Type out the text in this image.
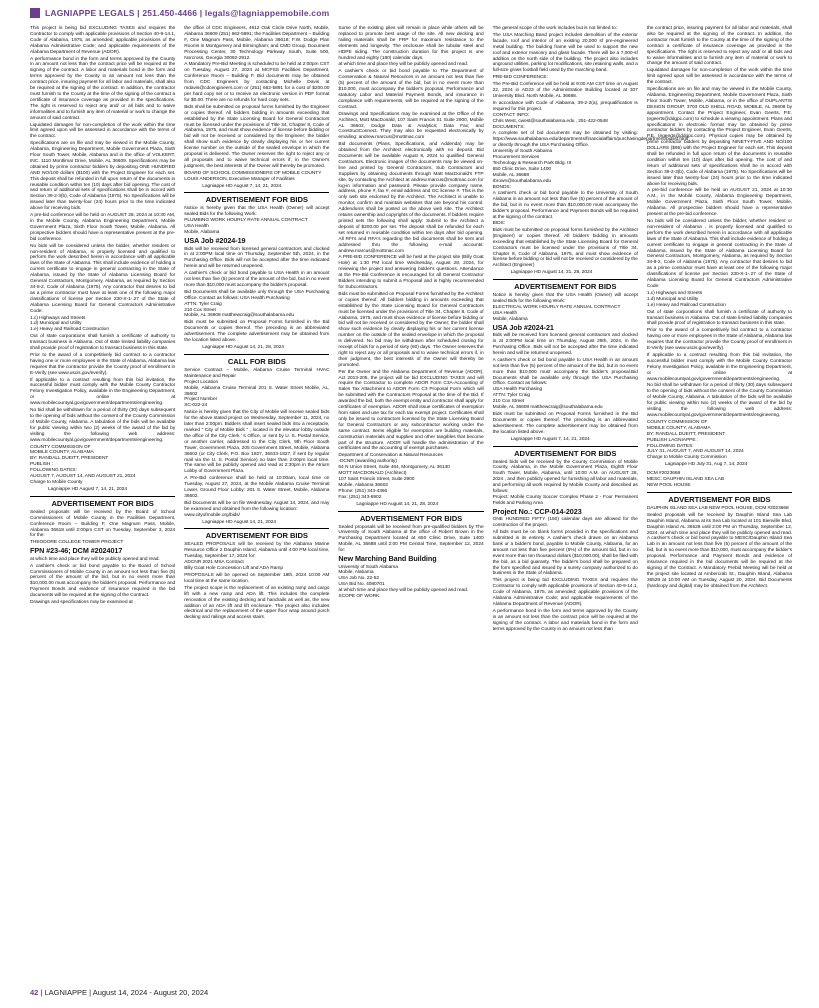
LAGNIAPPE LEGALS | 251.450-4466 | legals@lagniappemobile.com
This project is being bid EXCLUDING TAXES and requires the Contractor to comply with applicable provisions of Section 40-9-14.1, Code of Alabama, 1975, as amended; applicable provisions of the Alabama Administrative Code; and applicable requirements of the Alabama Department of Revenue (ADOR).
A performance bond in the form and terms approved by the County in an amount not less than the contract price will be required at the signing of the contract. A labor and materials bond in the form and terms approved by the County in an amount not less than the contract price, insuring payment for all labor and materials, shall also be required at the signing of the contract. In addition, the contractor must furnish to the County at the time of the signing of the contract a certificate of insurance coverage as provided in the specifications. The right is reserved to reject any and/ or all bids and to waive informalities and to furnish any item of material or work to change the amount of said contract.
Liquidated damages for non-completion of the work within the time limit agreed upon will be assessed in accordance with the terms of the contract.
Specifications are on file and may be viewed in the Mobile County, Alabama, Engineering Department, Mobile Government Plaza, Sixth Floor South Tower, Mobile, Alabama and in the office of VOLKERT, INC. 1110 Montlimar Drive, Mobile, AL 36609. Specifications may be obtained by prime contractor bidders by depositing ONE HUNDRED AND NO/100 dollars ($100) with the Project Engineer for each set. This deposit shall be refunded in full upon return of the documents in reusable condition within ten (10) days after bid opening. The cost of and return of additional sets of specifications shall be in accord with Section 39-2-3(b), Code of Alabama (1975). No Specifications will be issued later than twenty-four (24) hours prior to the time indicated above for receiving bids.
A pre-bid conference will be held on AUGUST 28, 2024 at 10:30 AM, in the Mobile County, Alabama Engineering Department, Mobile Government Plaza, Sixth Floor South Tower, Mobile, Alabama. All prospective bidders should have a representative present at the pre-bid conference.
No bids will be considered unless the bidder, whether resident or non-resident of Alabama, is properly licensed and qualified to perform the work described herein in accordance with all applicable laws of the State of Alabama. This shall include evidence of holding a current certificate to engage in general contracting in the State of Alabama, issued by the State of Alabama Licensing Board for General Contractors, Montgomery, Alabama, as required by Section 34-8-2, Code of Alabama (1975). Any contractor that desires to bid as a prime contractor must have at least one of the following major classifications of license per Section 230-X-1-.27 of the State of Alabama Licensing Board for General Contractors Administrative Code:
1.c) Highways and Streets
1.d) Municipal and Utility
1.e) Heavy and Railroad Construction
Out of state corporations shall furnish a certificate of authority to transact business in Alabama. Out of state limited liability companies shall provide proof of registration to transact business in this state.
Prior to the award of a competitively bid contract to a contractor having one or more employees in the State of Alabama, Alabama law requires that the contractor provide the County proof of enrollment in E-Verify (see www.uscis.gov/everify).
If applicable to a contract resulting from this bid invitation, the successful bidder must comply with the Mobile County Contractor Felony Investigation Policy, available in the Engineering Department, or online at www.mobilecountyal.gov/government/departments/engineering.
No bid shall be withdrawn for a period of thirty (30) days subsequent to the opening of bids without the consent of the County Commission of Mobile County, Alabama. A tabulation of the bids will be available for public viewing within two (2) weeks of the award of the bid by visiting the following web address: www.mobilecountyal.gov/government/departments/engineering.
COUNTY COMMISSION OF
MOBILE COUNTY, ALABAMA
BY: RANDALL DUEITT, PRESIDENT
PUBLISH :
FOLLOWING DATES:
AUGUST 7, AUGUST 14, AND AUGUST 21, 2024
Charge to Mobile County
Lagniappe HD August 7, 14, 21, 2024
ADVERTISEMENT FOR BIDS
Sealed proposals will be received by the Board of School Commissioners of Mobile County in the Facilities Department, Conference Room – Building F, One Magnum Pass, Mobile, Alabama 36618 until 2:00pm CST on Tuesday, September 3, 2024 for the:
THEODORE COLLEGE TOWER PROJECT
FPN #23-46; DCM #2024017
at which time and place they will be publicly opened and read.
A cashier's check or bid bond payable to the Board of School Commissioners of Mobile County in an amount not less than five (5) percent of the amount of the bid, but in no event more than $10,000.00 must accompany the bidder's proposal. Performance and Payment Bonds and evidence of insurance required in the bid documents will be required at the signing of the Contract.
Drawings and specifications may be examined at
the office of CDC Engineers, 4912 Oak Circle Drive North, Mobile, Alabama 36609 (251) 662-5891; the Facilities Department – Building F, One Magnum Pass, Mobile, Alabama 36618; F.W. Dodge Plan Rooms in Montgomery and Birmingham; and CMD Group, Document Processing Center, 30 Technology Parkway South, Suite 500, Norcross, Georgia 30092-2912.
A Mandatory Pre-Bid Meeting is scheduled to be held at 2:00pm CST on Tuesday, August 27, 2024 at MCPSS Facilities Department, Conference Room – Building F. Bid documents may be obtained from CDC Engineers by contacting Michelle Davis at mdavis@cdcengineers.com or (251) 662-5891 for a cost of $200.00 per hard copy set or to receive an electronic version in PDF format for $0.00. There are no refunds for hard copy sets.
Bids shall be submitted on proposal forms furnished by the Engineer or copies thereof. All bidders bidding in amounts exceeding that established by the State Licensing Board for General Contractors must be licensed under the provisions of Title 34, Chapter 8, Code of Alabama, 1975, and must show evidence of license before bidding or bid will not be received or considered by the Engineer; the bidder shall show such evidence by clearly displaying his or her current license number on the outside of the sealed envelope in which the proposal is delivered. The Owner reserves the right to reject any or all proposals and to waive technical errors if, in the Owner's judgment, the best interests of the Owner will thereby be promoted.
BOARD OF SCHOOL COMMISSIONERS OF MOBILE COUNTY
LOUIS ANDERSON, Executive Manager of Facilities
Lagniappe HD August 7, 14, 21, 2024
ADVERTISEMENT FOR BIDS
Notice is hereby given that the USA Health (Owner) will accept sealed Bids for the following Work:
PLUMBING WORK HOURLY RATE ANNUAL CONTRACT
USA Health
Mobile, Alabama
USA Job #2024-19
Bids will be received from licensed general contractors and clocked in at 2:00PM local time on Thursday, September 5th, 2024, in the Purchasing Office. Bids will not be accepted after the time indicated herein and will be returned unopened.
A cashier's check or bid bond payable to USA Health in an amount not less than five (5) percent of the amount of the bid, but in no event more than $10,000 must accompany the bidder's proposal.
Bid Documents shall be available only through the USA Purchasing Office. Contact as follows: USA Health Purchasing
ATTN: Tyler Craig
210 Cox Street
Mobile, AL 36608 matthewcraig@southalabama.edu
Bids must be submitted on Proposal Forms furnished in the Bid Documents or copies thereof. The preceding is an abbreviated advertisement. The complete advertisement may be obtained from the location listed above.
Lagniappe HD August 14, 21, 28, 2024
CALL FOR BIDS
Service Contract – Mobile, Alabama Cruise Terminal HVAC Maintenance and Repair
Project Location
Mobile, Alabama Cruise Terminal 201 S. Water Street Mobile, AL, 36602
Project Number
SC-022-24
Notice is hereby given that the City of Mobile will receive sealed bids for the above stated project on Wednesday, September 11, 2024, no later than 2:00pm. Bidders shall insert sealed bids into a receptacle, marked " City of Mobile Bids " , located in the elevator lobby outside the office of the City Clerk ' s Office, or sent by U. S. Postal Service, or another carrier, addressed to the City Clerk, 9th Floor South Tower, Government Plaza, 205 Government Street, Mobile, Alabama 36602 (or City Clerk, P.O. Box 1827, 36633-1827, if sent by regular mail via the U. S. Postal Service) no later than 2:00pm local time. The same will be publicly opened and read at 2:30pm in the Atrium Lobby of Government Plaza.
A Pre-Bid conference shall be held at 10:00am, local time on Tuesday, August 27, 2024, at the Mobile Alabama Cruise Terminal Lower, Ground Floor Lobby: 201 S. Water Street, Mobile, Alabama 36602.
Bid Documents will be on file Wednesday, August 14, 2024, and may be examined and obtained from the following location:
www.cityofmobile.org/bids/
Lagniappe HD August 14, 21, 2024
ADVERTISEMENT FOR BIDS
SEALED PROPOSALS will be received by the Alabama Marine Resource Office 2 Dauphin Island, Alabama until 4:00 PM local time, Tuesday, September 17, 2024 for:
ADCNR 2021 MSA Contract
Billy Goat Hole Concession Lift and ADA Ramp
PROPOSALS will be opened on September 18th, 2024 10:00 AM local time at the same location.
The project scope is the replacement of an existing ramp and cargo lift with a new ramp and ADA lift. This includes the complete renovation of the existing decking and handrails as well as, the new addition of an ADA lift and lift enclosure. The project also includes electrical and the replacement of the upper floor wrap around porch decking and railings and access stairs.
Some of the existing piles will remain in place while others will be replaced to promote best usage of the site. All new decking and railing materials shall be FRP for maximum resistance to the elements and longevity. The enclosure shall be tubular steel and HDPE siding. The construction duration for this project is one hundred and eighty (180) calendar days.
at which time and place they will be publicly opened and read.
A cashier's check or bid bond payable to The Department of Conservation & Natural Resources in an amount not less than five (5) percent of the amount of the bid, but in no event more than $10,000, must accompany the bidder's proposal. Performance and statutory Labor and Material Payment Bonds, and insurance in compliance with requirements, will be required at the signing of the Contract.
Drawings and Specifications may be examined at the Office of the Architect, Mott MacDonald, 107 Saint Francis St. Suite 2900, Mobile AL 36602, Dodge Data & Analytics; Data Fax; and ConstructConnect. They may also be requested electronically by emailing: andrew.marcus@mottmac.com
Bid documents (Plans, Specifications, and Addenda) may be obtained from the Architect electronically with no deposit. Bid Documents will be available August 8, 2024 to qualified General Contractors. Electronic images of the documents may be viewed on-line and printed by General Contractors, Sub Contractors and Suppliers by obtaining documents through Matt MacDonald's FTP site, by contacting the Architect at andrew.marcus@mottmac.com for log-in information and password. Please provide company name, address, phone #, fax #, email address and GC license #. This is the only web site endorsed by the Architect. The Architect is unable to monitor, confirm and maintain websites that are beyond his control. Addendums shall be posted on the above web site. The Architect retains ownership and copyrights of the documents. If bidders require printed sets the following shall apply: Submit to the Architect a deposit of $200.00 per set. The deposit shall be refunded for each set returned in reusable condition within ten days after bid opening. All RFI's and RFA's regarding the bid documents shall be sent and addressed thru the following e-mail accounts: andrew.marcus@mottmac.com
A PRE-BID CONFERENCE will be held at the project site (Billy Goat Hole) at 1:30 PM local time Wednesday, August 28, 2024, for reviewing the project and answering bidder's questions. Attendance at the Pre-Bid Conference is encouraged for all General Contractor Bidders intending to submit a Proposal and is highly recommended for Subcontractors.
Bids must be submitted on Proposal Forms furnished by the Architect or copies thereof. All bidders bidding in amounts exceeding that established by the State Licensing Board for General Contractors must be licensed under the provisions of Title 34, Chapter 8, Code of Alabama, 1975, and must show evidence of license before bidding or bid will not be received or considered by the Owner; the bidder shall show such evidence by clearly displaying his or her current license number on the outside of the sealed envelope in which the proposal is delivered. No bid may be withdrawn after scheduled closing for receipt of bids for a period of sixty (60) days. The Owner reserves the right to reject any or all proposals and to waive technical errors if, in their judgment, the best interests of the Owner will thereby be promoted.
Per the Owner and the Alabama Department of Revenue (ADOR), Act 2013-205, the project will be bid EXCLUDING TAXES and will require the Contractor to complete ADOR Form C3A-Accounting of Sales Tax Attachment to ADOR Form C3 Proposal Form which will be submitted with the Contractors Proposal at the time of the Bid. If awarded the bid, both the exempt entity and contractor shall apply for certificates of exemption. ADOR shall issue certificates of exemption from sales and use tax for each tax exempt project. Certificates shall only be issued to contractors licensed by the State Licensing Board for General Contractors or any subcontractor working under the same contract. Items eligible for exemption are building materials, construction materials and supplies and other tangibles that become part of the structure. ADOR will handle the administration of the certificates and the accounting of exempt purchases.
Department of Conservation & Natural Resources
-DCNR (awarding authority)
64 N Union Street, Suite 464, Montgomery, AL 36130
MOTT MACDONALD (Architect)
107 Saint Francis Street, Suite 2900
Mobile, Alabama 36602
Phone: (251) 343-4366
Fax: (251) 343-6902
Lagniappe HD August 14, 21, 28, 2024
ADVERTISEMENT FOR BIDS
Sealed proposals will be received from pre-qualified bidders by The University of South Alabama at the office of Robert Brown in the Purchasing Department located at 650 Clinic Drive, Suite 1400 Mobile, AL 36688 until 2:00 PM Central Time, September 12, 2024 for:
New Marching Band Building
University of South Alabama
Mobile, Alabama
USA Job No. 22-52
USA Bid No. 4080701
at which time and place they will be publicly opened and read.
SCOPE OF WORK:
The general scope of the work includes but is not limited to:
The USA Marching Band project includes demolition of the exterior facade, roof and interior of an existing 20,000 sf pre-engineered metal building. The building frame will be used to support the new roof and exterior masonry and glass facade. There will be a 7,000-sf addition on the north side of the building. The project also includes unground utilities, parking lot modifications, site retaining walls, and a full-size grass football field used by the marching band.
PRE-BID CONFERENCE:
The Pre-Bid Conference will be held at 9:00 AM CST time on August 22, 2024 in AD23 of the Administration Building located at 307 University Blvd. North Mobile, AL 36688.
In accordance with Code of Alabama, 39-2-2(a), prequalification is required for this project.
CONTACT INFO:
Chris West, cwest@southalabama.edu , 251-422-0548
DOCUMENTS:
A complete set of bid documents may be obtained by visiting: https://www.southalabama.edu/departments/financialaffairs/purchasingdepartment/bidlist.html or directly through the USA Purchasing Office.
University of South Alabama
Procurement Services
Technology & Research Park Bldg. III
650 Clinic Drive, Suite 1400
Mobile, AL 36688
rbrown@southalabama.edu
BONDS:
A cashier's check or bid bond payable to the University of South Alabama in an amount not less than five (5) percent of the amount of the bid, but in no event more than $10,000.00 must accompany the bidder's proposal. Performance and Payment Bonds will be required at the signing of the contract.
BIDS:
Bids must be submitted on proposal forms furnished by the Architect (Engineer) or copies thereof. All bidders bidding in amounts exceeding that established by the State Licensing Board for General Contractors must be licensed under the provisions of Title 34, Chapter 8, Code of Alabama, 1975, and must show evidence of license before bidding or bid will not be received or considered by the Architect (Engineer)
Lagniappe HD August 14, 21, 28, 2024
ADVERTISEMENT FOR BIDS
Notice is hereby given that the USA Health (Owner) will accept sealed Bids for the following Work:
ELECTRICAL WORK HOURLY RATE ANNUAL CONTRACT
USA Health
Mobile, Alabama
USA Job #2024-21
Bids will be received from licensed general contractors and clocked in at 2:00PM local time on Thursday, August 29th, 2024, in the Purchasing Office. Bids will not be accepted after the time indicated herein and will be returned unopened.
A cashier's check or bid bond payable to USA Health in an amount not less than five (5) percent of the amount of the bid, but in no event more than $10,000 must accompany the bidder's proposal.Bid Documents shall be available only through the USA Purchasing Office. Contact as follows:
USA Health Purchasing
ATTN: Tyler Craig
210 Cox Street
Mobile, AL 36608 matthewcraig@southalabama.edu
Bids must be submitted on Proposal Forms furnished in the Bid Documents or copies thereof. The preceding is an abbreviated advertisement. The complete advertisement may be obtained from the location listed above.
Lagniappe HD August 7, 14, 21, 2024
ADVERTISEMENT FOR BIDS
Sealed bids will be received by the County Commission of Mobile County, Alabama, in the Mobile Government Plaza, Eighth Floor South Tower, Mobile, Alabama, until 10:00 A.M. on AUGUST 28, 2024 , and then publicly opened for furnishing all labor and materials, and performing all work required by Mobile County and described as follows:
Project: Mobile County Soccer Complex Phase 2 - Four Permanent Fields and Parking Area
Project No.: CCP-014-2023
ONE HUNDRED FIFTY (150) calendar days are allowed for the construction of the project.
All bids must be on blank forms provided in the specifications and submitted in its entirety. A cashier's check drawn on an Alabama bank or a bidder's bond, payable to Mobile County, Alabama, for an amount not less than five percent (5%) of the amount bid, but in no event more than ten thousand dollars ($10,000.00), shall be filed with the bid, as a bid guaranty. The bidder's bond shall be prepared on the form specified and issued by a surety company authorized to do business in the State of Alabama.
This project is being bid EXCLUDING TAXES and requires the Contractor to comply with applicable provisions of Section 40-9-14.1, Code of Alabama, 1975, as amended; applicable provisions of the Alabama Administrative Code; and applicable requirements of the Alabama Department of Revenue (ADOR).
A performance bond in the form and terms approved by the County in an amount not less than the contract price will be required at the signing of the contract. A labor and materials bond in the form and terms approved by the County in an amount not less than
the contract price, insuring payment for all labor and materials, shall also be required at the signing of the contract. In addition, the contractor must furnish to the County at the time of the signing of the contract a certificate of insurance coverage as provided in the specifications. The right is reserved to reject any and/ or all bids and to waive informalities and to furnish any item of material or work to change the amount of said contract.
Liquidated damages for non-completion of the work within the time limit agreed upon will be assessed in accordance with the terms of the contract.
Specifications are on file and may be viewed in the Mobile County, Alabama, Engineering Department, Mobile Government Plaza, Sixth Floor South Tower, Mobile, Alabama, or in the office of DUPLANTIS DESIGN GROUP, 3703 OLD SHELL ROAD, MOBILE, AL 36608 by appointment. Contact the Project Engineer, Evan Geerts, P.E. (egeerts@ddgpc.com) to schedule a viewing appointment. Plans and specifications in electronic format may be obtained by prime contractor bidders by contacting the Project Engineer, Evan Geerts, P.E. (egeerts@ddgpc.com). Physical copies may be obtained by prime contractor bidders by depositing NINETY-FIVE AND NO/100 DOLLARS ($95) with the Project Engineer for each set. This deposit shall be refunded in full upon return of the documents in reusable condition within ten (10) days after bid opening. The cost of and return of additional sets of specifications shall be in accord with Section 39-2-3(b), Code of Alabama (1975). No Specifications will be issued later than twenty-four (24) hours prior to the time indicated above for receiving bids.
A pre-bid conference will be held on AUGUST 21, 2024 at 10:30 A.M., in the Mobile County, Alabama Engineering Department, Mobile Government Plaza, Sixth Floor South Tower, Mobile, Alabama. All prospective bidders should have a representative present at the pre-bid conference.
No bids will be considered unless the bidder, whether resident or non-resident of Alabama , is properly licensed and qualified to perform the work described herein in accordance with all applicable laws of the State of Alabama. This shall include evidence of holding a current certificate to engage in general contracting in the State of Alabama, issued by the State of Alabama Licensing Board for General Contractors, Montgomery, Alabama, as required by Section 34-8-2, Code of Alabama (1975). Any contractor that desires to bid as a prime contractor must have at least one of the following major classifications of license per Section 230-X-1-.27 of the State of Alabama Licensing Board for General Contractors Administrative Code:
1.c) Highways and Streets
1.d) Municipal and Utility
1.e) Heavy and Railroad Construction
Out of state corporations shall furnish a certificate of authority to transact business in Alabama. Out of state limited liability companies shall provide proof of registration to transact business in this state.
Prior to the award of a competitively bid contract to a contractor having one or more employees in the State of Alabama, Alabama law requires that the contractor provide the County proof of enrollment in E-Verify (see www.uscis.gov/everify).
If applicable to a contract resulting from this bid invitation, the successful bidder must comply with the Mobile County Contractor Felony Investigation Policy, available in the Engineering Department, or online at www.mobilecountyal.gov/government/departments/engineering.
No bid shall be withdrawn for a period of thirty (30) days subsequent to the opening of bids without the consent of the County Commission of Mobile County, Alabama. A tabulation of the bids will be available for public viewing within two (2) weeks of the award of the bid by visiting the following web address: www.mobilecountyal.gov/government/departments/engineering.
COUNTY COMMISSION OF
MOBILE COUNTY, ALABAMA
BY: RANDALL DUEITT, PRESIDENT
PUBLISH LAGNIAPPE :
FOLLOWING DATES:
JULY 31, AUGUST 7, AND AUGUST 14, 2024
Charge to Mobile County Commission
Lagniappe HD July 31, Aug 7, 14, 2024
DCM #2023668
MESC: DAUPHIN ISLAND SEA LAB
NEW POOL HOUSE
ADVERTISEMENT FOR BIDS
DAUPHIN ISLAND SEA LAB NEW POOL HOUSE, DCM #2023668
Sealed proposals will be received by Dauphin Island Sea Lab Dauphin Island, Alabama at its Sea Lab located at 101 Bienville Blvd, Dauphin Island AL 36528 until 2:00 PM on Thursday, September 12, 2024, at which time and place they will be publicly opened and read. A cashier's check or bid bond payable to MESC/Dauphin Island Sea Lab in an amount not less than five (5) percent of the amount of the bid, but in no event more than $10,000, must accompany the bidder's proposal. Performance and Payment Bonds and evidence of insurance required in the bid documents will be required at the signing of the Contract. A Mandatory Prebid Meeting will be held at the project site located at Ambercrab St., Dauphin Island, Alabama 36528 at 10:00 AM on Tuesday, August 20, 2024. Bid Documents (hardcopy and digital) may be obtained from the Architect.
42 | LAGNIAPPE | August 14, 2024 - August 20, 2024
